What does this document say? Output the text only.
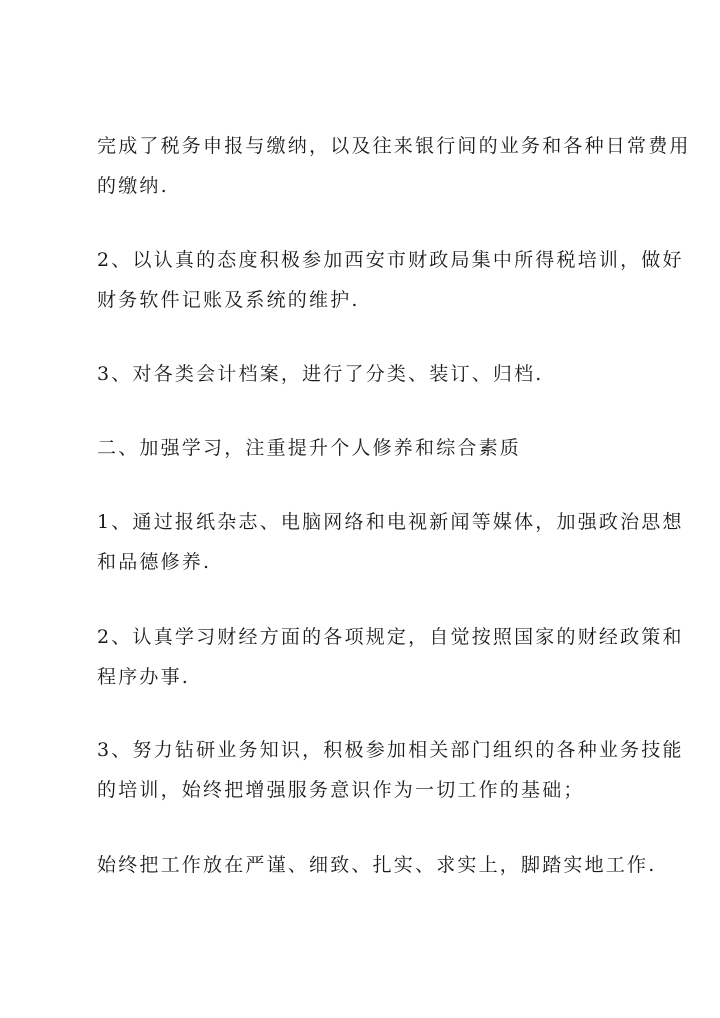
完成了税务申报与缴纳，以及往来银行间的业务和各种日常费用
的缴纳.

2、以认真的态度积极参加西安市财政局集中所得税培训，做好
财务软件记账及系统的维护.

3、对各类会计档案，进行了分类、装订、归档.

二、加强学习，注重提升个人修养和综合素质

1、通过报纸杂志、电脑网络和电视新闻等媒体，加强政治思想
和品德修养.

2、认真学习财经方面的各项规定，自觉按照国家的财经政策和
程序办事.

3、努力钻研业务知识，积极参加相关部门组织的各种业务技能
的培训，始终把增强服务意识作为一切工作的基础；

始终把工作放在严谨、细致、扎实、求实上，脚踏实地工作.
